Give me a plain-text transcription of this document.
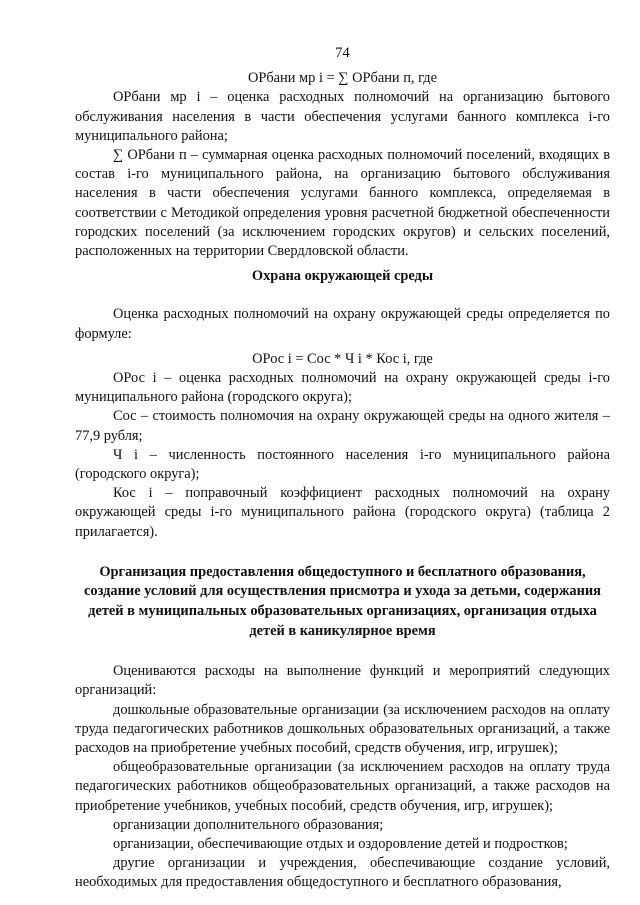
74

ОРбани мр i = ∑ ОРбани п, где

ОРбани мр i – оценка расходных полномочий на организацию бытового обслуживания населения в части обеспечения услугами банного комплекса i-го муниципального района;

∑ ОРбани п – суммарная оценка расходных полномочий поселений, входящих в состав i-го муниципального района, на организацию бытового обслуживания населения в части обеспечения услугами банного комплекса, определяемая в соответствии с Методикой определения уровня расчетной бюджетной обеспеченности городских поселений (за исключением городских округов) и сельских поселений, расположенных на территории Свердловской области.

Охрана окружающей среды

Оценка расходных полномочий на охрану окружающей среды определяется по формуле:

ОРос i = Сос * Ч i * Кос i, где

ОРос i – оценка расходных полномочий на охрану окружающей среды i-го муниципального района (городского округа);

Сос – стоимость полномочия на охрану окружающей среды на одного жителя – 77,9 рубля;

Ч i – численность постоянного населения i-го муниципального района (городского округа);

Кос i – поправочный коэффициент расходных полномочий на охрану окружающей среды i-го муниципального района (городского округа) (таблица 2 прилагается).

Организация предоставления общедоступного и бесплатного образования, создание условий для осуществления присмотра и ухода за детьми, содержания детей в муниципальных образовательных организациях, организация отдыха детей в каникулярное время

Оцениваются расходы на выполнение функций и мероприятий следующих организаций:

дошкольные образовательные организации (за исключением расходов на оплату труда педагогических работников дошкольных образовательных организаций, а также расходов на приобретение учебных пособий, средств обучения, игр, игрушек);

общеобразовательные организации (за исключением расходов на оплату труда педагогических работников общеобразовательных организаций, а также расходов на приобретение учебников, учебных пособий, средств обучения, игр, игрушек);

организации дополнительного образования;

организации, обеспечивающие отдых и оздоровление детей и подростков;

другие организации и учреждения, обеспечивающие создание условий, необходимых для предоставления общедоступного и бесплатного образования,
